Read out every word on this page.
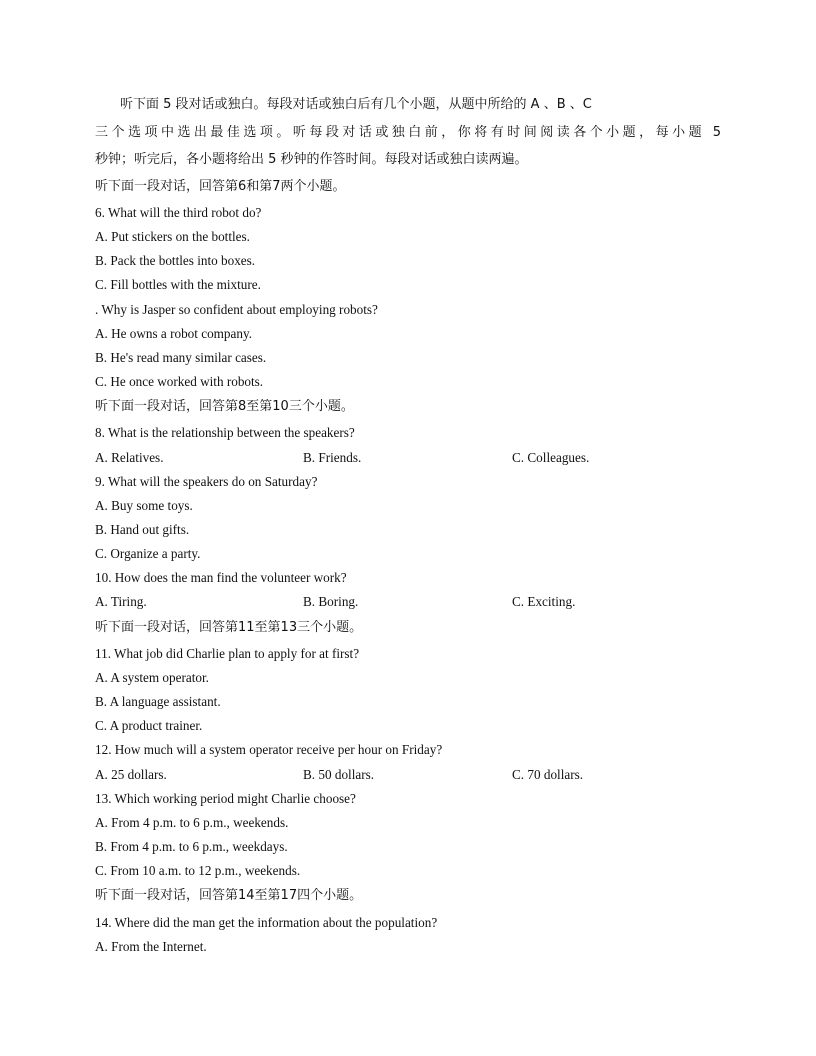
听下面 5 段对话或独白。每段对话或独白后有几个小题，从题中所给的 A 、B 、C
三个选项中选出最佳选项。听每段对话或独白前，你将有时间阅读各个小题，每小题 5
秒钟；听完后，各小题将给出 5 秒钟的作答时间。每段对话或独白读两遍。
听下面一段对话，回答第6和第7两个小题。
6. What will the third robot do?
A. Put stickers on the bottles.
B. Pack the bottles into boxes.
C. Fill bottles with the mixture.
. Why is Jasper so confident about employing robots?
A. He owns a robot company.
B. He's read many similar cases.
C. He once worked with robots.
听下面一段对话，回答第8至第10三个小题。
8. What is the relationship between the speakers?
A. Relatives.	B. Friends.	C. Colleagues.
9. What will the speakers do on Saturday?
A. Buy some toys.
B. Hand out gifts.
C. Organize a party.
10. How does the man find the volunteer work?
A. Tiring.	B. Boring.	C. Exciting.
听下面一段对话，回答第11至第13三个小题。
11. What job did Charlie plan to apply for at first?
A. A system operator.
B. A language assistant.
C. A product trainer.
12. How much will a system operator receive per hour on Friday?
A. 25 dollars.	B. 50 dollars.	C. 70 dollars.
13. Which working period might Charlie choose?
A. From 4 p.m. to 6 p.m., weekends.
B. From 4 p.m. to 6 p.m., weekdays.
C. From 10 a.m. to 12 p.m., weekends.
听下面一段对话，回答第14至第17四个小题。
14. Where did the man get the information about the population?
A. From the Internet.
